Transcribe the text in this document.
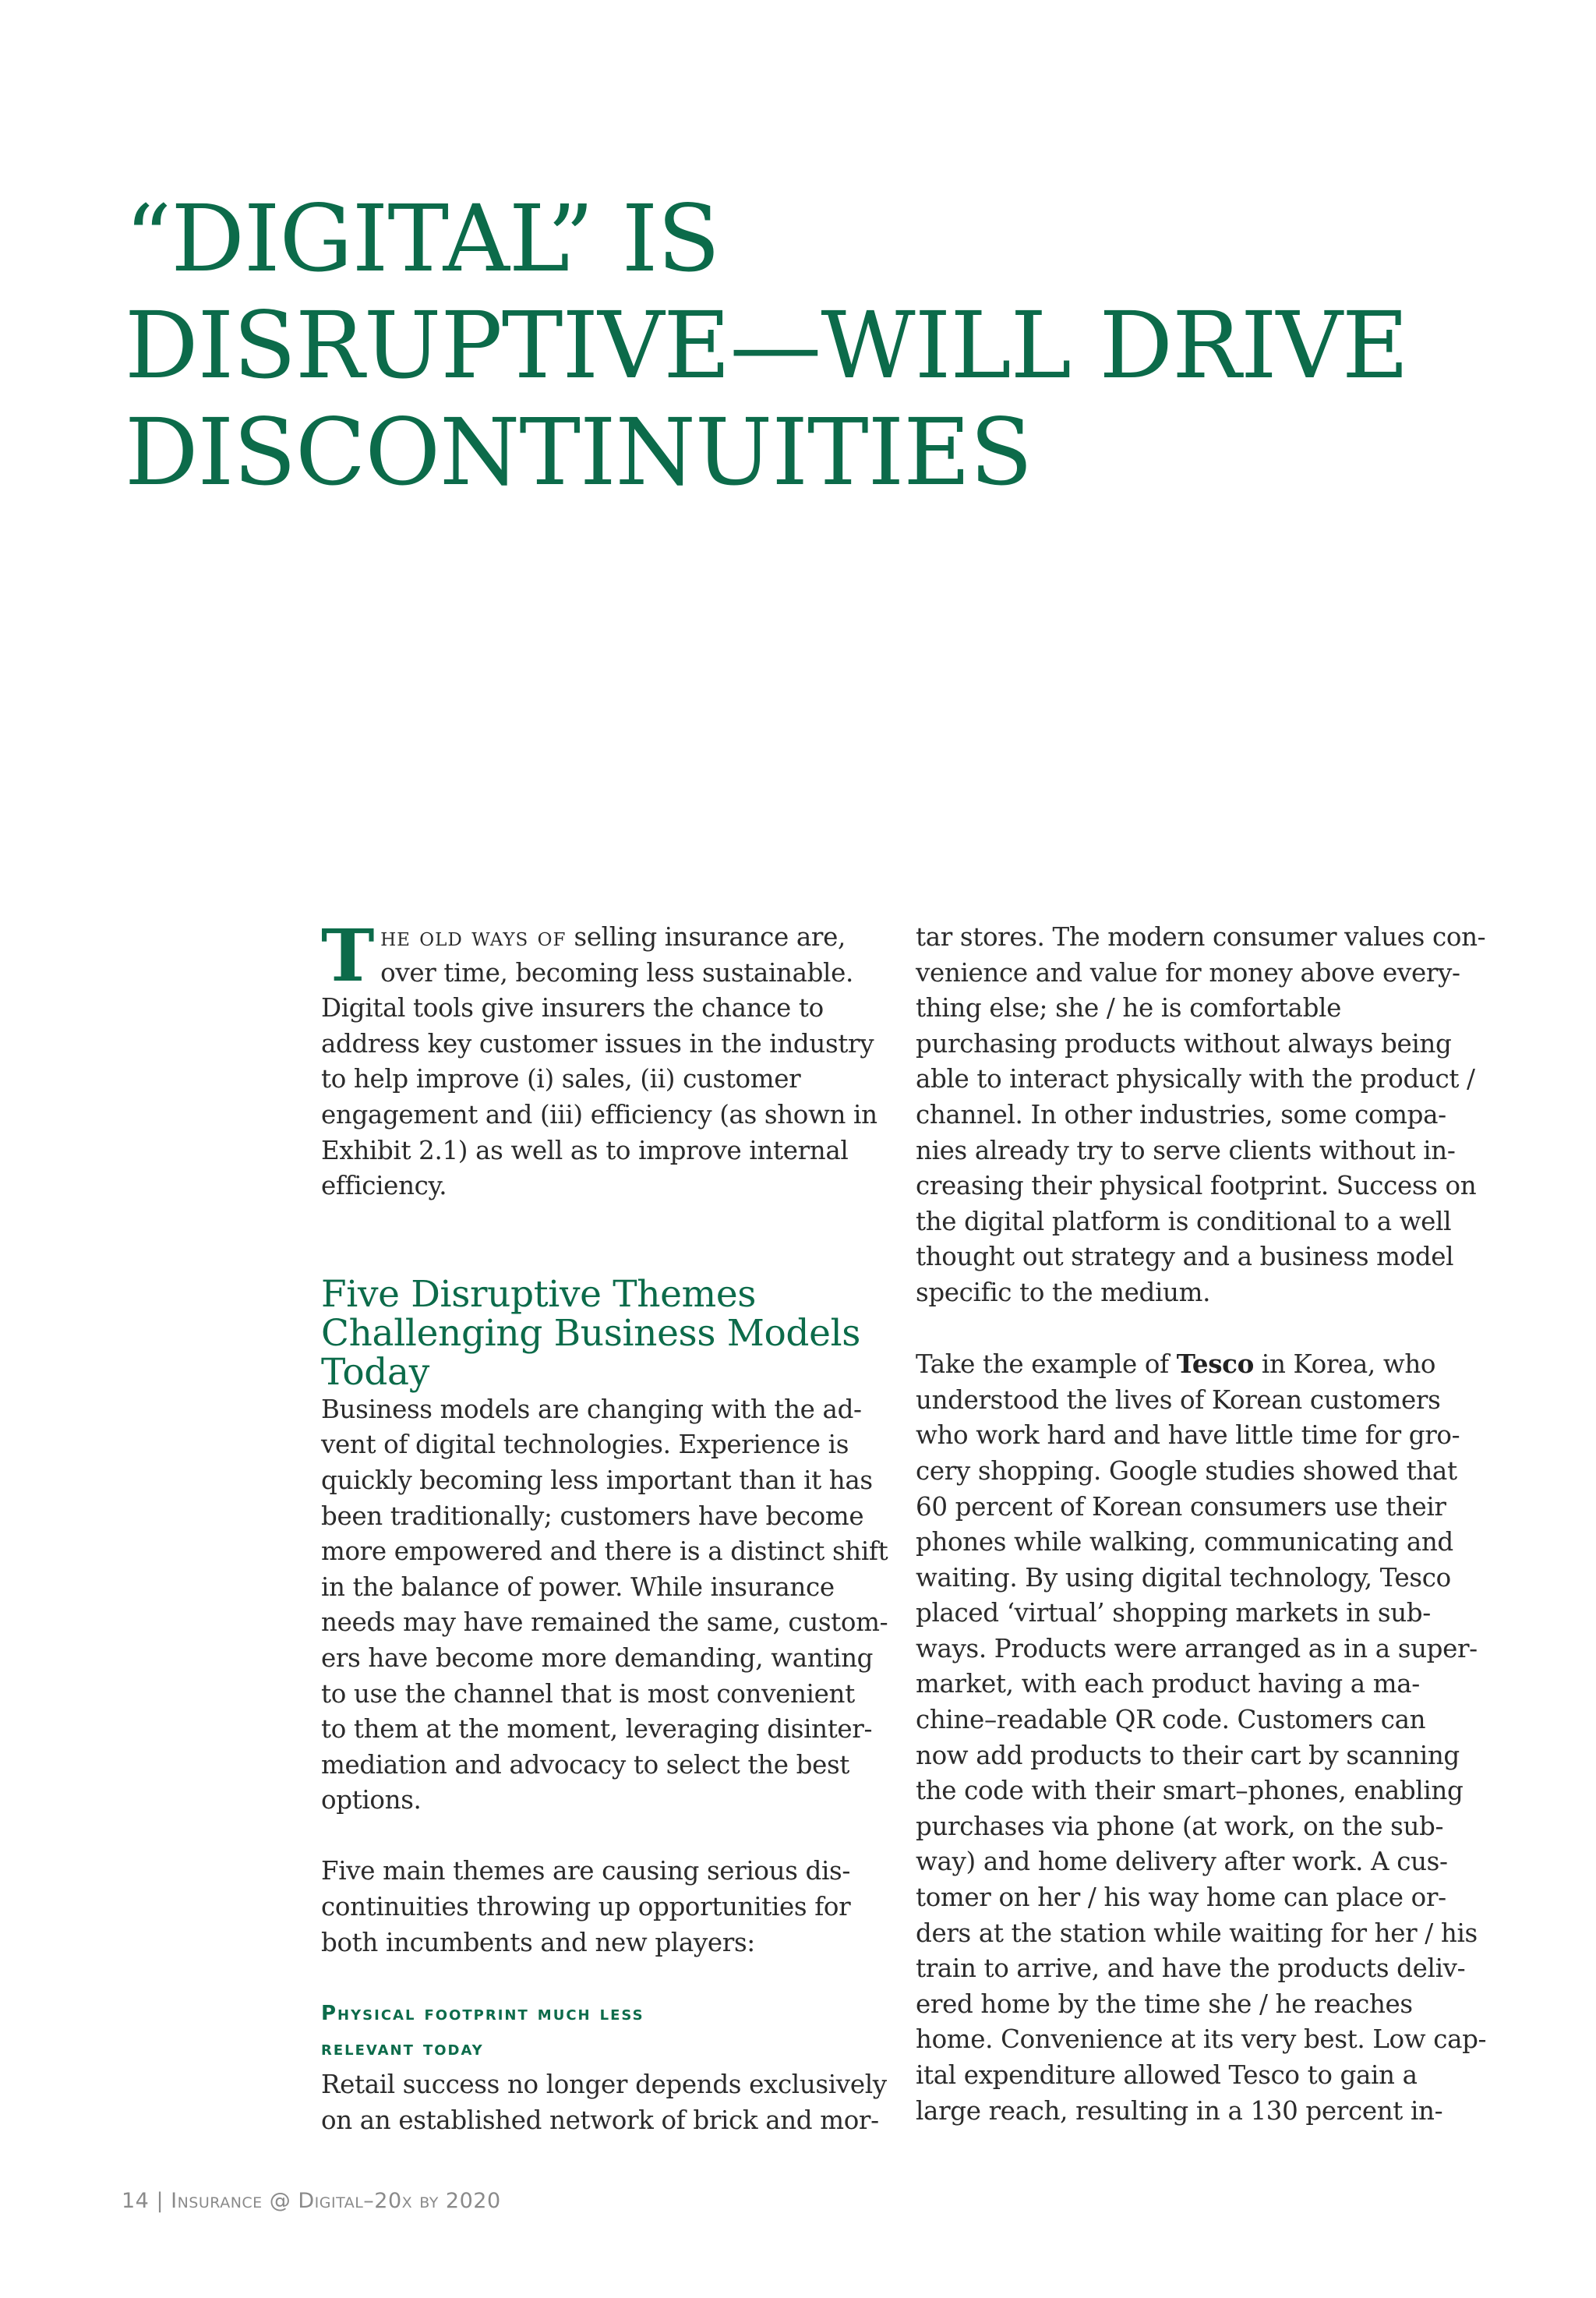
“DIGITAL” IS
DISRUPTIVE—WILL DRIVE
DISCONTINUITIES

The old ways of selling insurance are,
over time, becoming less sustainable.
Digital tools give insurers the chance to
address key customer issues in the industry
to help improve (i) sales, (ii) customer
engagement and (iii) efficiency (as shown in
Exhibit 2.1) as well as to improve internal
efficiency.

Five Disruptive Themes
Challenging Business Models
Today

Business models are changing with the ad-
vent of digital technologies. Experience is
quickly becoming less important than it has
been traditionally; customers have become
more empowered and there is a distinct shift
in the balance of power. While insurance
needs may have remained the same, custom-
ers have become more demanding, wanting
to use the channel that is most convenient
to them at the moment, leveraging disinter-
mediation and advocacy to select the best
options.

Five main themes are causing serious dis-
continuities throwing up opportunities for
both incumbents and new players:

Physical footprint much less
relevant today

Retail success no longer depends exclusively
on an established network of brick and mor-

tar stores. The modern consumer values con-
venience and value for money above every-
thing else; she / he is comfortable
purchasing products without always being
able to interact physically with the product /
channel. In other industries, some compa-
nies already try to serve clients without in-
creasing their physical footprint. Success on
the digital platform is conditional to a well
thought out strategy and a business model
specific to the medium.

Take the example of Tesco in Korea, who
understood the lives of Korean customers
who work hard and have little time for gro-
cery shopping. Google studies showed that
60 percent of Korean consumers use their
phones while walking, communicating and
waiting. By using digital technology, Tesco
placed ‘virtual’ shopping markets in sub-
ways. Products were arranged as in a super-
market, with each product having a ma-
chine–readable QR code. Customers can
now add products to their cart by scanning
the code with their smart–phones, enabling
purchases via phone (at work, on the sub-
way) and home delivery after work. A cus-
tomer on her / his way home can place or-
ders at the station while waiting for her / his
train to arrive, and have the products deliv-
ered home by the time she / he reaches
home. Convenience at its very best. Low cap-
ital expenditure allowed Tesco to gain a
large reach, resulting in a 130 percent in-

14 | Insurance @ Digital–20x by 2020
